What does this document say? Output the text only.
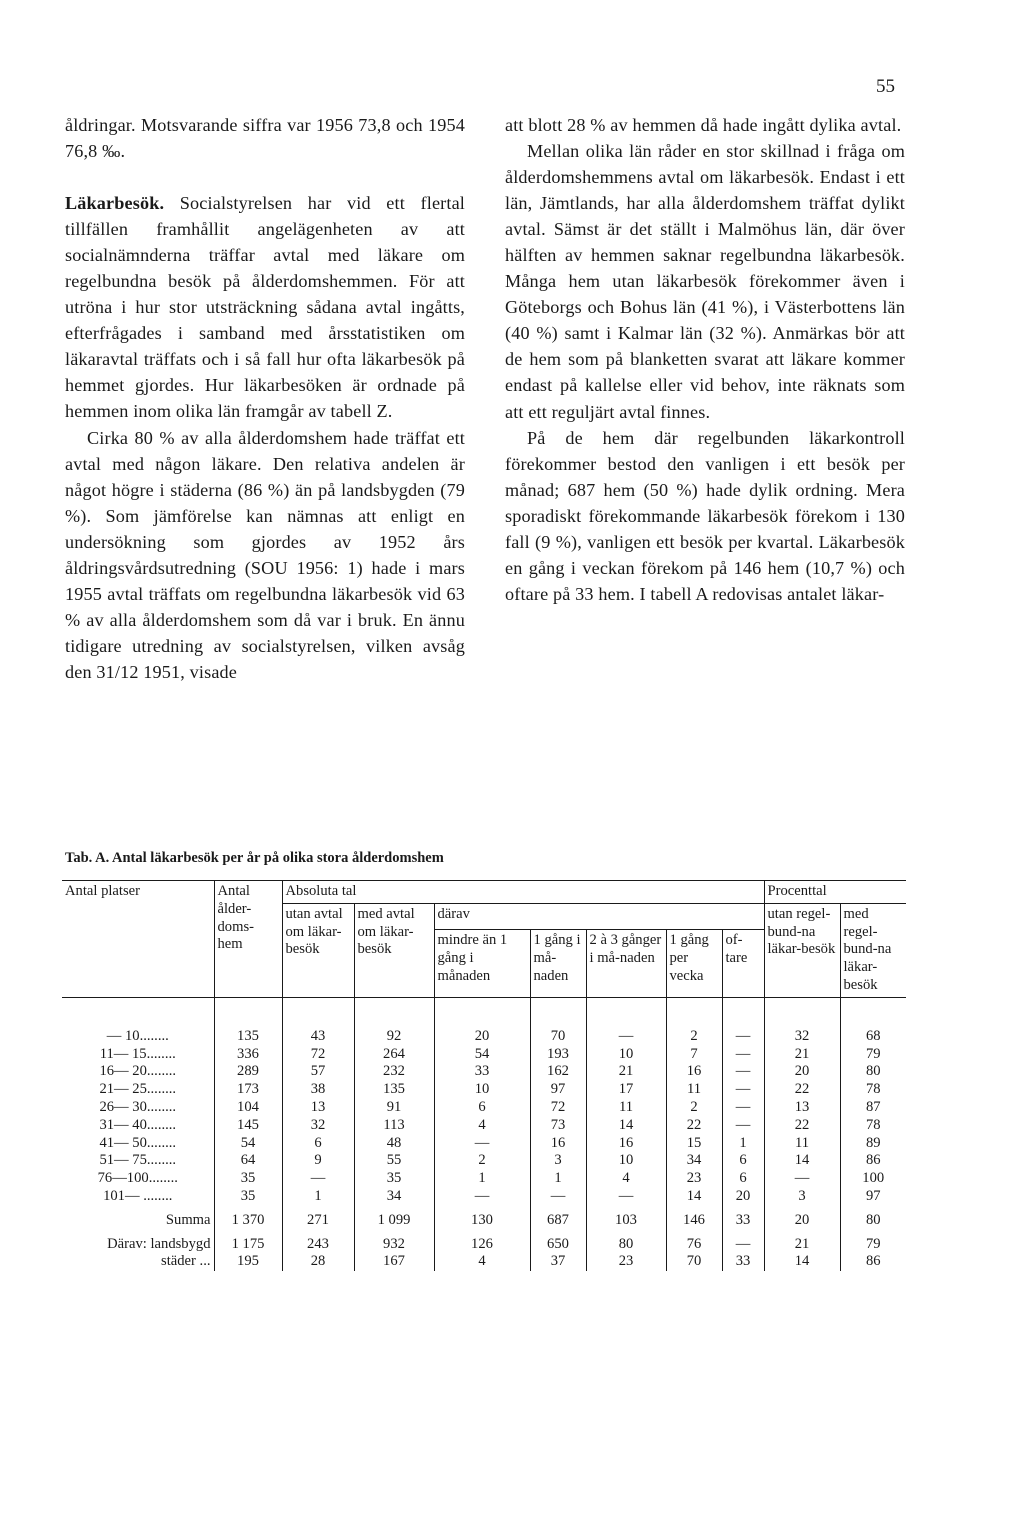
55

åldringar. Motsvarande siffra var 1956 73,8 och 1954 76,8 ‰.

Läkarbesök. Socialstyrelsen har vid ett flertal tillfällen framhållit angelägenheten av att socialnämnderna träffar avtal med läkare om regelbundna besök på ålderdomshemmen. För att utröna i hur stor utsträckning sådana avtal ingåtts, efterfrågades i samband med årsstatistiken om läkaravtal träffats och i så fall hur ofta läkarbesök på hemmet gjordes. Hur läkarbesöken är ordnade på hemmen inom olika län framgår av tabell Z.

Cirka 80 % av alla ålderdomshem hade träffat ett avtal med någon läkare. Den relativa andelen är något högre i städerna (86 %) än på landsbygden (79 %). Som jämförelse kan nämnas att enligt en undersökning som gjordes av 1952 års åldringsvårdsutredning (SOU 1956: 1) hade i mars 1955 avtal träffats om regelbundna läkarbesök vid 63 % av alla ålderdomshem som då var i bruk. En ännu tidigare utredning av socialstyrelsen, vilken avsåg den 31/12 1951, visade

att blott 28 % av hemmen då hade ingått dylika avtal.

Mellan olika län råder en stor skillnad i fråga om ålderdomshemmens avtal om läkarbesök. Endast i ett län, Jämtlands, har alla ålderdomshem träffat dylikt avtal. Sämst är det ställt i Malmöhus län, där över hälften av hemmen saknar regelbundna läkarbesök. Många hem utan läkarbesök förekommer även i Göteborgs och Bohus län (41 %), i Västerbottens län (40 %) samt i Kalmar län (32 %). Anmärkas bör att de hem som på blanketten svarat att läkare kommer endast på kallelse eller vid behov, inte räknats som att ett reguljärt avtal finnes.

På de hem där regelbunden läkarkontroll förekommer bestod den vanligen i ett besök per månad; 687 hem (50 %) hade dylik ordning. Mera sporadiskt förekommande läkarbesök förekom i 130 fall (9 %), vanligen ett besök per kvartal. Läkarbesök en gång i veckan förekom på 146 hem (10,7 %) och oftare på 33 hem. I tabell A redovisas antalet läkar-

Tab. A. Antal läkarbesök per år på olika stora ålderdomshem
Antal platser	Antal ålder-doms-hem	Absoluta tal							Procenttal	
		utan avtal om läkar-besök	med avtal om läkar-besök	därav					utan regel-bund-na läkar-besök	med regel-bund-na läkar-besök
				mindre än 1 gång i månaden	1 gång i må-naden	2 à 3 gånger i må-naden	1 gång per vecka	of-tare		

— 10........	135	43	92	20	70	—	2	—	32	68
11— 15........	336	72	264	54	193	10	7	—	21	79
16— 20........	289	57	232	33	162	21	16	—	20	80
21— 25........	173	38	135	10	97	17	11	—	22	78
26— 30........	104	13	91	6	72	11	2	—	13	87
31— 40........	145	32	113	4	73	14	22	—	22	78
41— 50........	54	6	48	—	16	16	15	1	11	89
51— 75........	64	9	55	2	3	10	34	6	14	86
76—100........	35	—	35	1	1	4	23	6	—	100
101— ........	35	1	34	—	—	—	14	20	3	97

Summa	1 370	271	1 099	130	687	103	146	33	20	80

Därav: landsbygd	1 175	243	932	126	650	80	76	—	21	79
städer ...	195	28	167	4	37	23	70	33	14	86
